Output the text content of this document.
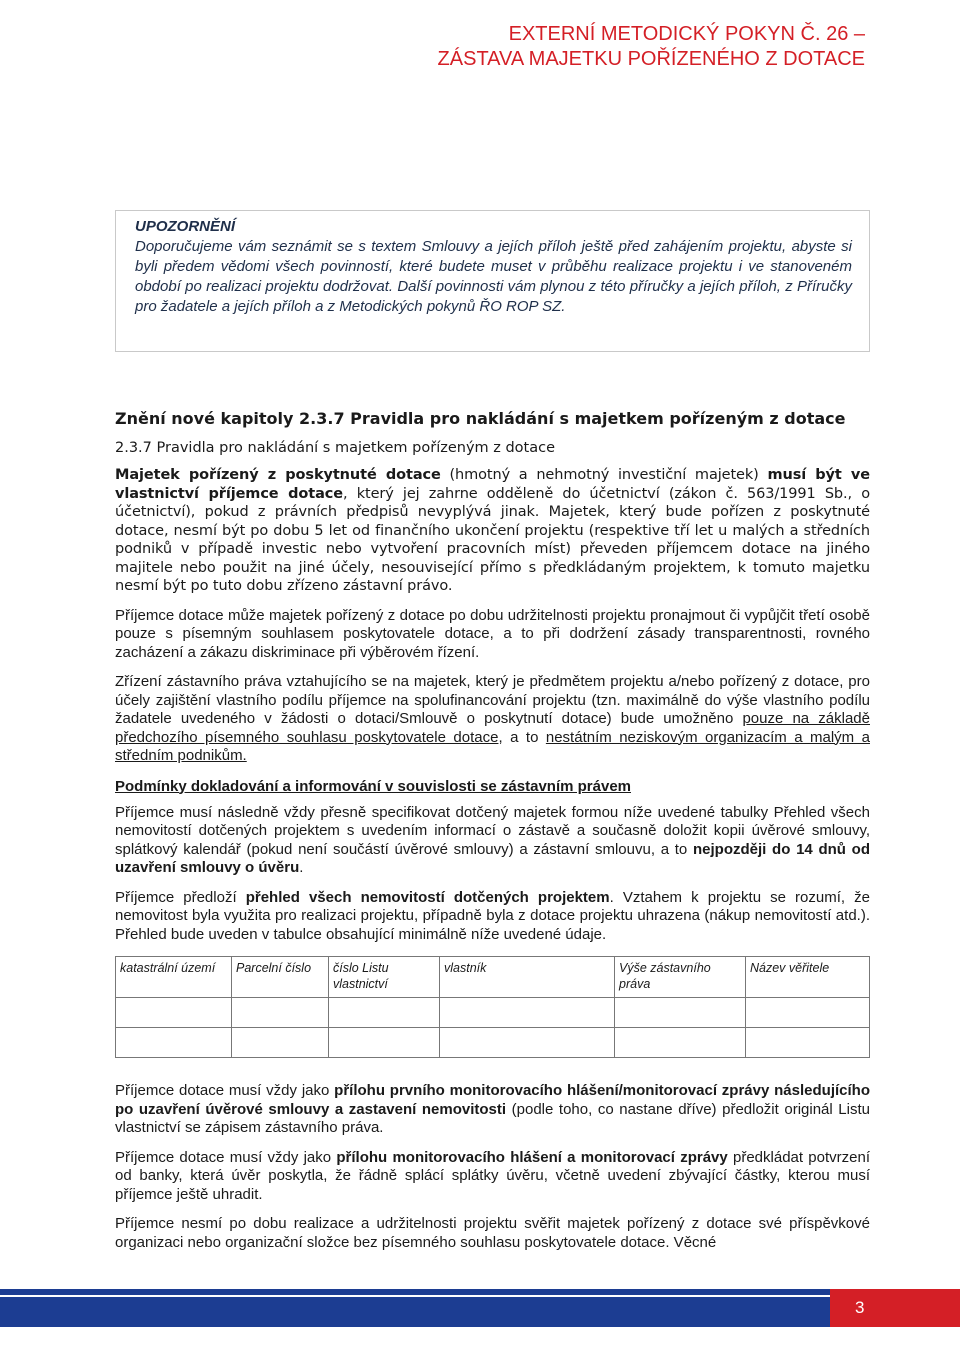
EXTERNÍ METODICKÝ POKYN Č. 26 –
ZÁSTAVA MAJETKU POŘÍZENÉHO Z DOTACE
UPOZORNĚNÍ
Doporučujeme vám seznámit se s textem Smlouvy a jejích příloh ještě před zahájením projektu, abyste si byli předem vědomi všech povinností, které budete muset v průběhu realizace projektu i ve stanoveném období po realizaci projektu dodržovat. Další povinnosti vám plynou z této příručky a jejích příloh, z Příručky pro žadatele a jejích příloh a z Metodických pokynů ŘO ROP SZ.
Znění nové kapitoly 2.3.7 Pravidla pro nakládání s majetkem pořízeným z dotace
2.3.7 Pravidla pro nakládání s majetkem pořízeným z dotace

Majetek pořízený z poskytnuté dotace (hmotný a nehmotný investiční majetek) musí být ve vlastnictví příjemce dotace, který jej zahrne odděleně do účetnictví (zákon č. 563/1991 Sb., o účetnictví), pokud z právních předpisů nevyplývá jinak. Majetek, který bude pořízen z poskytnuté dotace, nesmí být po dobu 5 let od finančního ukončení projektu (respektive tří let u malých a středních podniků v případě investic nebo vytvoření pracovních míst) převeden příjemcem dotace na jiného majitele nebo použit na jiné účely, nesouvisející přímo s předkládaným projektem, k tomuto majetku nesmí být po tuto dobu zřízeno zástavní právo.

Příjemce dotace může majetek pořízený z dotace po dobu udržitelnosti projektu pronajmout či vypůjčit třetí osobě pouze s písemným souhlasem poskytovatele dotace, a to při dodržení zásady transparentnosti, rovného zacházení a zákazu diskriminace při výběrovém řízení.

Zřízení zástavního práva vztahujícího se na majetek, který je předmětem projektu a/nebo pořízený z dotace, pro účely zajištění vlastního podílu příjemce na spolufinancování projektu (tzn. maximálně do výše vlastního podílu žadatele uvedeného v žádosti o dotaci/Smlouvě o poskytnutí dotace) bude umožněno pouze na základě předchozího písemného souhlasu poskytovatele dotace, a to nestátním neziskovým organizacím a malým a středním podnikům.

Podmínky dokladování a informování v souvislosti se zástavním právem

Příjemce musí následně vždy přesně specifikovat dotčený majetek formou níže uvedené tabulky Přehled všech nemovitostí dotčených projektem s uvedením informací o zástavě a současně doložit kopii úvěrové smlouvy, splátkový kalendář (pokud není součástí úvěrové smlouvy) a zástavní smlouvu, a to nejpozději do 14 dnů od uzavření smlouvy o úvěru.

Příjemce předloží přehled všech nemovitostí dotčených projektem. Vztahem k projektu se rozumí, že nemovitost byla využita pro realizaci projektu, případně byla z dotace projektu uhrazena (nákup nemovitostí atd.). Přehled bude uveden v tabulce obsahující minimálně níže uvedené údaje.

katastrální území	Parcelní číslo	číslo Listu vlastnictví	vlastník	Výše zástavního práva	Název věřitele

Příjemce dotace musí vždy jako přílohu prvního monitorovacího hlášení/monitorovací zprávy následujícího po uzavření úvěrové smlouvy a zastavení nemovitosti (podle toho, co nastane dříve) předložit originál Listu vlastnictví se zápisem zástavního práva.

Příjemce dotace musí vždy jako přílohu monitorovacího hlášení a monitorovací zprávy předkládat potvrzení od banky, která úvěr poskytla, že řádně splácí splátky úvěru, včetně uvedení zbývající částky, kterou musí příjemce ještě uhradit.

Příjemce nesmí po dobu realizace a udržitelnosti projektu svěřit majetek pořízený z dotace své příspěvkové organizaci nebo organizační složce bez písemného souhlasu poskytovatele dotace. Věcné

3
